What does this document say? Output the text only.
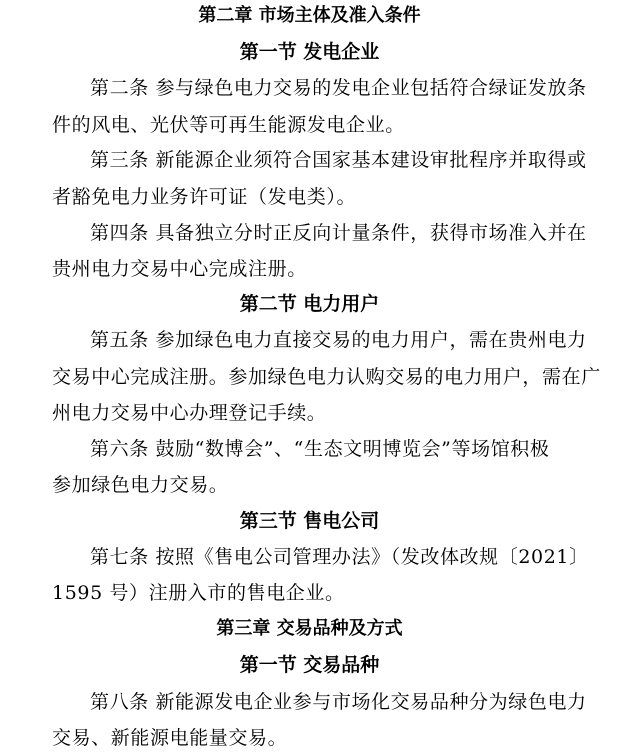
第二章 市场主体及准入条件
第一节 发电企业
第二条 参与绿色电力交易的发电企业包括符合绿证发放条
件的风电、光伏等可再生能源发电企业。
第三条 新能源企业须符合国家基本建设审批程序并取得或
者豁免电力业务许可证（发电类）。
第四条 具备独立分时正反向计量条件，获得市场准入并在
贵州电力交易中心完成注册。
第二节 电力用户
第五条 参加绿色电力直接交易的电力用户，需在贵州电力
交易中心完成注册。参加绿色电力认购交易的电力用户，需在广
州电力交易中心办理登记手续。
第六条 鼓励“数博会”、“生态文明博览会”等场馆积极
参加绿色电力交易。
第三节 售电公司
第七条 按照《售电公司管理办法》（发改体改规〔2021〕
1595 号）注册入市的售电企业。
第三章 交易品种及方式
第一节 交易品种
第八条 新能源发电企业参与市场化交易品种分为绿色电力
交易、新能源电能量交易。
